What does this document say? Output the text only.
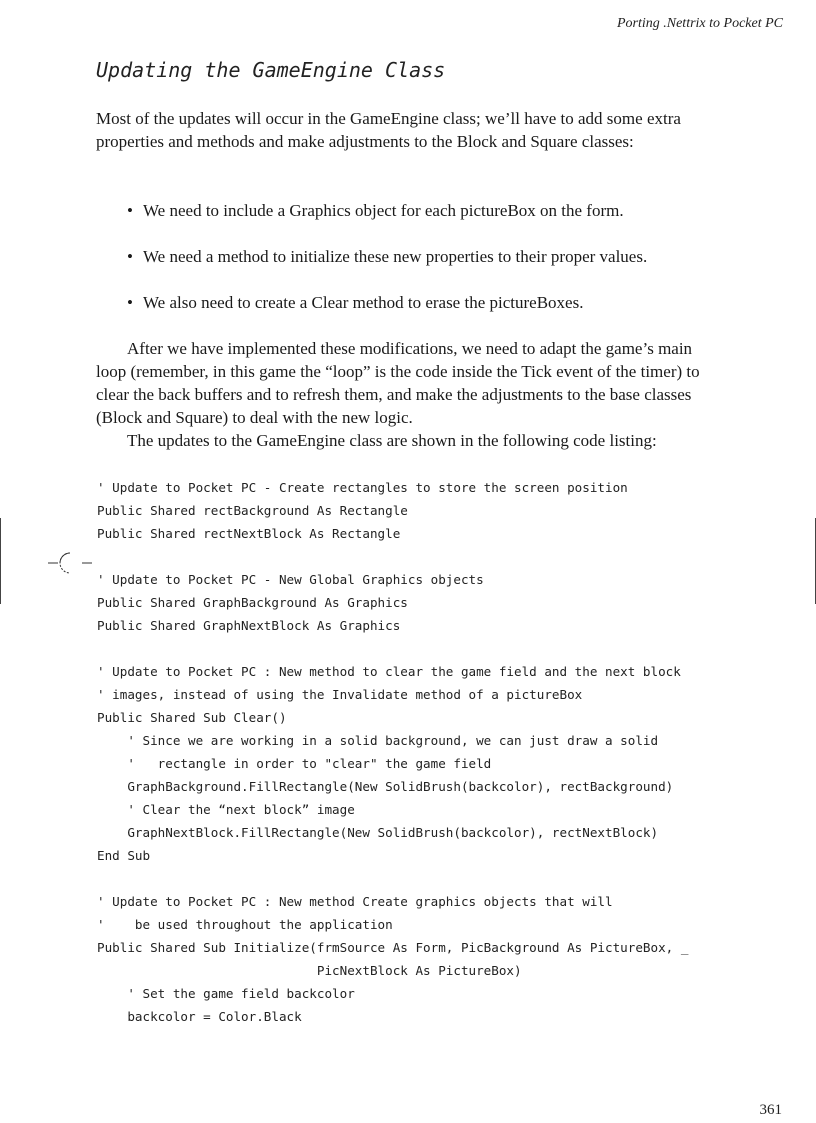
Porting .Nettrix to Pocket PC
Updating the GameEngine Class

Most of the updates will occur in the GameEngine class; we’ll have to add some extra properties and methods and make adjustments to the Block and Square classes:

• We need to include a Graphics object for each pictureBox on the form.
• We need a method to initialize these new properties to their proper values.
• We also need to create a Clear method to erase the pictureBoxes.

After we have implemented these modifications, we need to adapt the game’s main loop (remember, in this game the “loop” is the code inside the Tick event of the timer) to clear the back buffers and to refresh them, and make the adjustments to the base classes (Block and Square) to deal with the new logic.

The updates to the GameEngine class are shown in the following code listing:

' Update to Pocket PC - Create rectangles to store the screen position
Public Shared rectBackground As Rectangle
Public Shared rectNextBlock As Rectangle
' Update to Pocket PC - New Global Graphics objects
Public Shared GraphBackground As Graphics
Public Shared GraphNextBlock As Graphics
' Update to Pocket PC : New method to clear the game field and the next block
' images, instead of using the Invalidate method of a pictureBox
Public Shared Sub Clear()
' Since we are working in a solid background, we can just draw a solid
'   rectangle in order to "clear" the game field
GraphBackground.FillRectangle(New SolidBrush(backcolor), rectBackground)
' Clear the “next block” image
GraphNextBlock.FillRectangle(New SolidBrush(backcolor), rectNextBlock)
End Sub
' Update to Pocket PC : New method Create graphics objects that will
'    be used throughout the application
Public Shared Sub Initialize(frmSource As Form, PicBackground As PictureBox, _
PicNextBlock As PictureBox)
' Set the game field backcolor
backcolor = Color.Black
361
